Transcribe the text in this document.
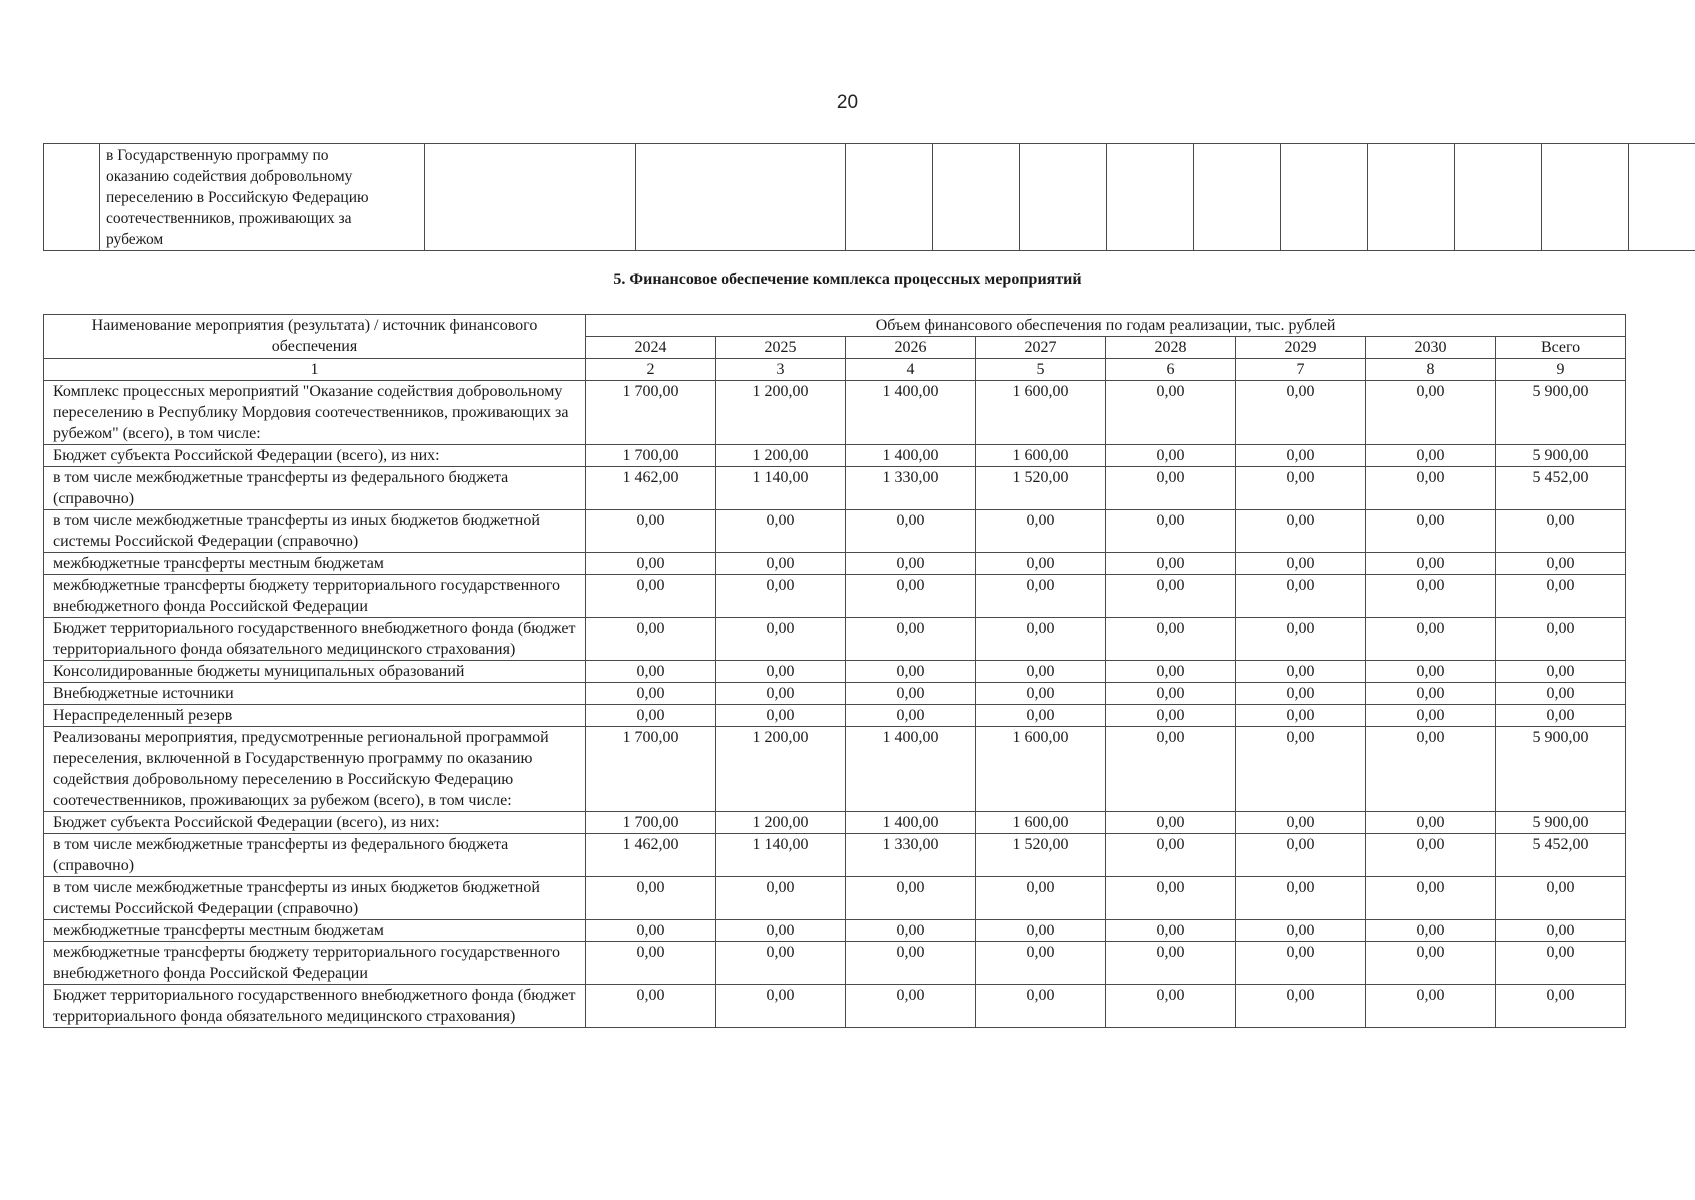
20

в Государственную программу по
оказанию содействия добровольному
переселению в Российскую Федерацию
соотечественников, проживающих за
рубежом

5. Финансовое обеспечение комплекса процессных мероприятий
Наименование мероприятия (результата) / источник финансового обеспечения	Объем финансового обеспечения по годам реализации, тыс. рублей							
	2024	2025	2026	2027	2028	2029	2030	Всего
1	2	3	4	5	6	7	8	9
Комплекс процессных мероприятий "Оказание содействия добровольному переселению в Республику Мордовия соотечественников, проживающих за рубежом" (всего), в том числе:	1 700,00	1 200,00	1 400,00	1 600,00	0,00	0,00	0,00	5 900,00
Бюджет субъекта Российской Федерации (всего), из них:	1 700,00	1 200,00	1 400,00	1 600,00	0,00	0,00	0,00	5 900,00
в том числе межбюджетные трансферты из федерального бюджета (справочно)	1 462,00	1 140,00	1 330,00	1 520,00	0,00	0,00	0,00	5 452,00
в том числе межбюджетные трансферты из иных бюджетов бюджетной системы Российской Федерации (справочно)	0,00	0,00	0,00	0,00	0,00	0,00	0,00	0,00
межбюджетные трансферты местным бюджетам	0,00	0,00	0,00	0,00	0,00	0,00	0,00	0,00
межбюджетные трансферты бюджету территориального государственного внебюджетного фонда Российской Федерации	0,00	0,00	0,00	0,00	0,00	0,00	0,00	0,00
Бюджет территориального государственного внебюджетного фонда (бюджет территориального фонда обязательного медицинского страхования)	0,00	0,00	0,00	0,00	0,00	0,00	0,00	0,00
Консолидированные бюджеты муниципальных образований	0,00	0,00	0,00	0,00	0,00	0,00	0,00	0,00
Внебюджетные источники	0,00	0,00	0,00	0,00	0,00	0,00	0,00	0,00
Нераспределенный резерв	0,00	0,00	0,00	0,00	0,00	0,00	0,00	0,00
Реализованы мероприятия, предусмотренные региональной программой переселения, включенной в Государственную программу по оказанию содействия добровольному переселению в Российскую Федерацию соотечественников, проживающих за рубежом (всего), в том числе:	1 700,00	1 200,00	1 400,00	1 600,00	0,00	0,00	0,00	5 900,00
Бюджет субъекта Российской Федерации (всего), из них:	1 700,00	1 200,00	1 400,00	1 600,00	0,00	0,00	0,00	5 900,00
в том числе межбюджетные трансферты из федерального бюджета (справочно)	1 462,00	1 140,00	1 330,00	1 520,00	0,00	0,00	0,00	5 452,00
в том числе межбюджетные трансферты из иных бюджетов бюджетной системы Российской Федерации (справочно)	0,00	0,00	0,00	0,00	0,00	0,00	0,00	0,00
межбюджетные трансферты местным бюджетам	0,00	0,00	0,00	0,00	0,00	0,00	0,00	0,00
межбюджетные трансферты бюджету территориального государственного внебюджетного фонда Российской Федерации	0,00	0,00	0,00	0,00	0,00	0,00	0,00	0,00
Бюджет территориального государственного внебюджетного фонда (бюджет территориального фонда обязательного медицинского страхования)	0,00	0,00	0,00	0,00	0,00	0,00	0,00	0,00
